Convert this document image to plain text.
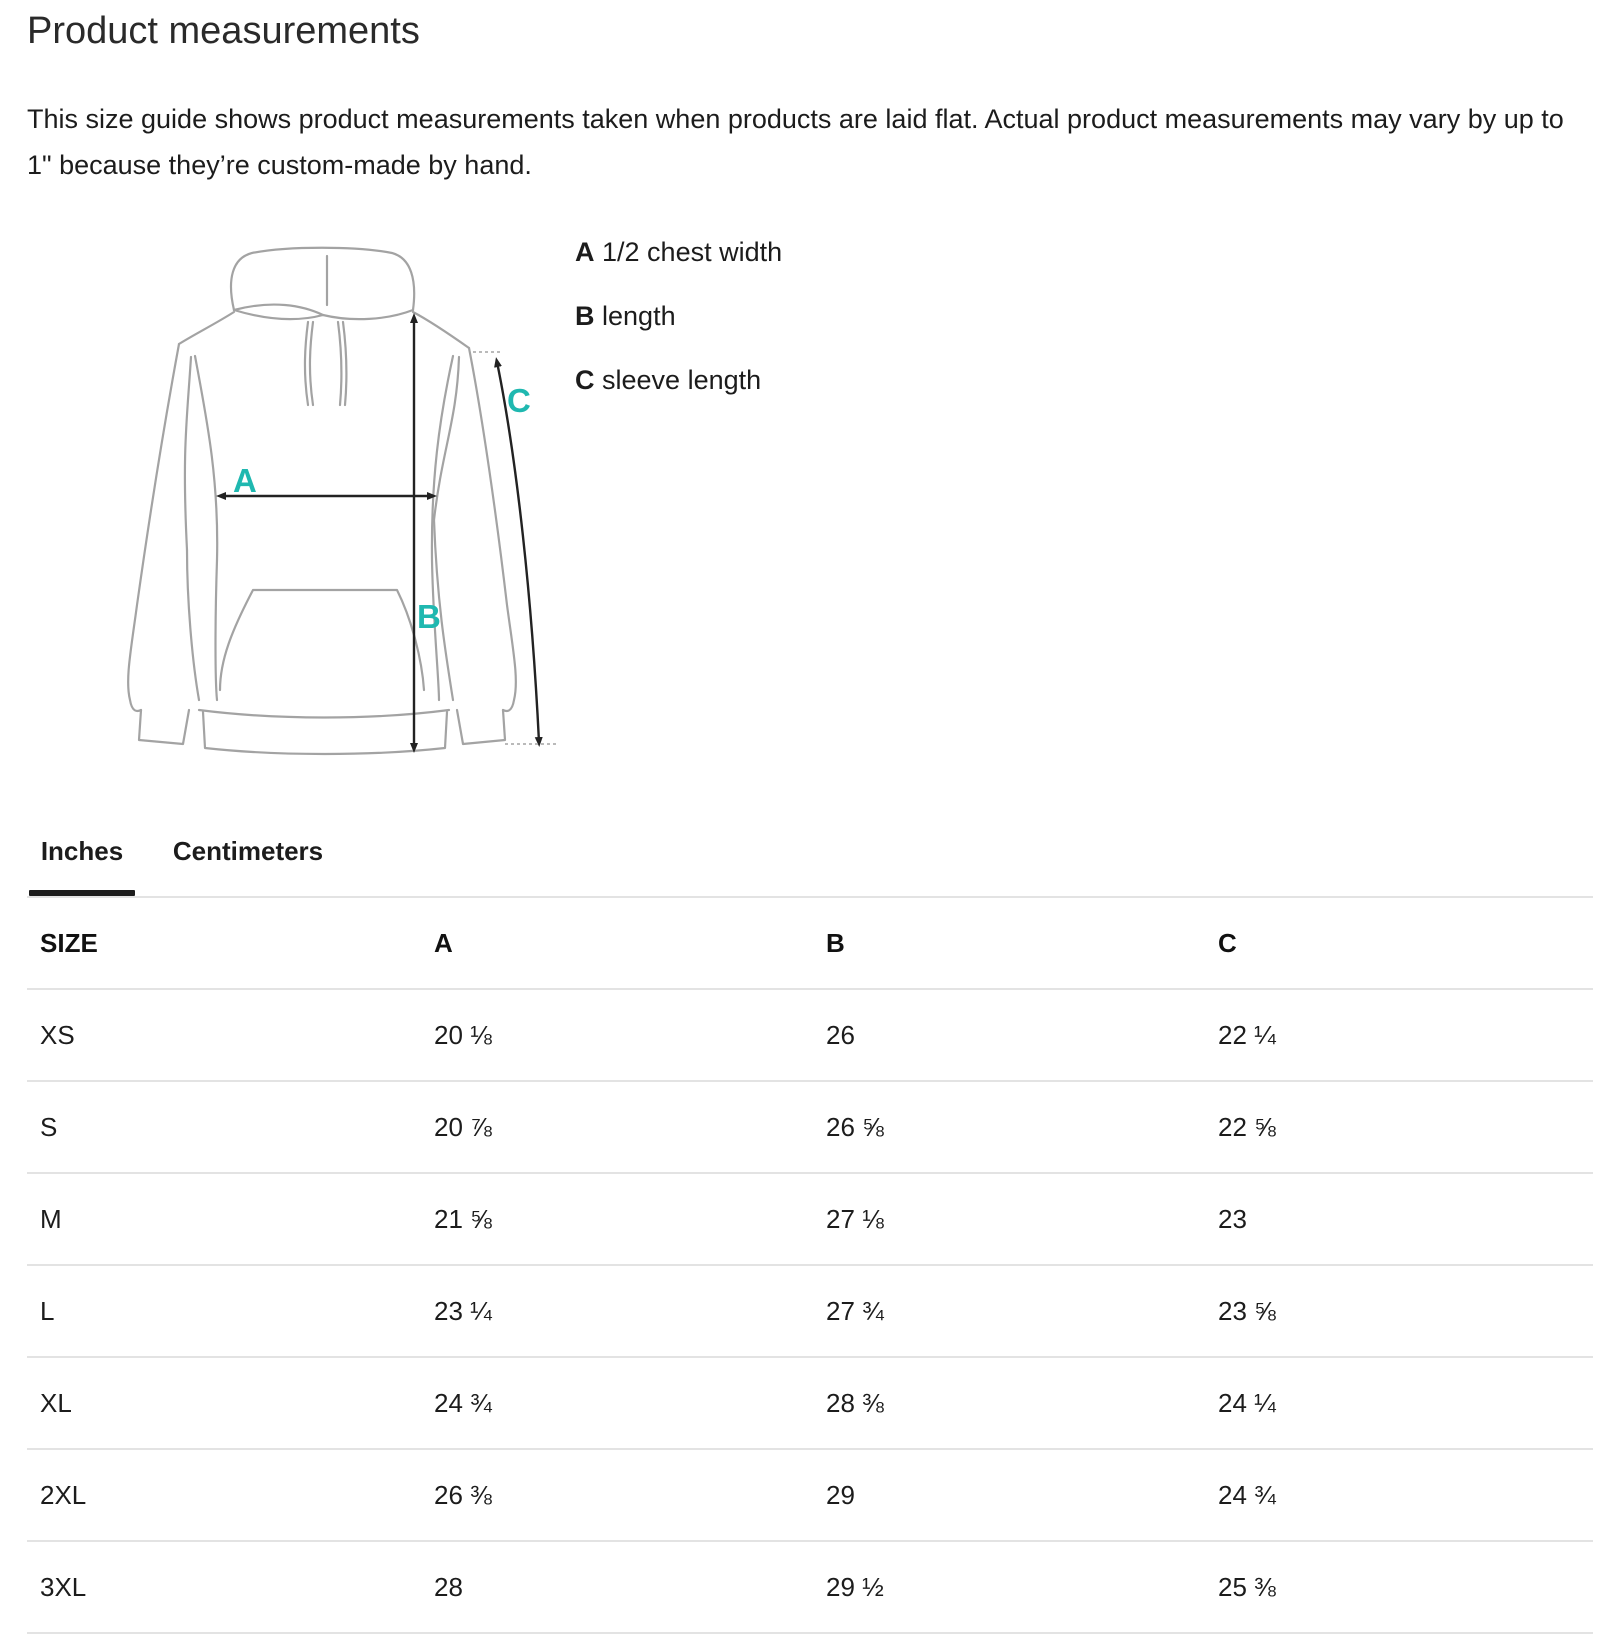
Product measurements

This size guide shows product measurements taken when products are laid flat. Actual product measurements may vary by up to 1" because they’re custom-made by hand.

A
B
C
A 1/2 chest width
B length
C sleeve length
Inches	Centimeters
SIZE	A	B	C
XS	20 ⅛	26	22 ¼
S	20 ⅞	26 ⅝	22 ⅝
M	21 ⅝	27 ⅛	23
L	23 ¼	27 ¾	23 ⅝
XL	24 ¾	28 ⅜	24 ¼
2XL	26 ⅜	29	24 ¾
3XL	28	29 ½	25 ⅜
